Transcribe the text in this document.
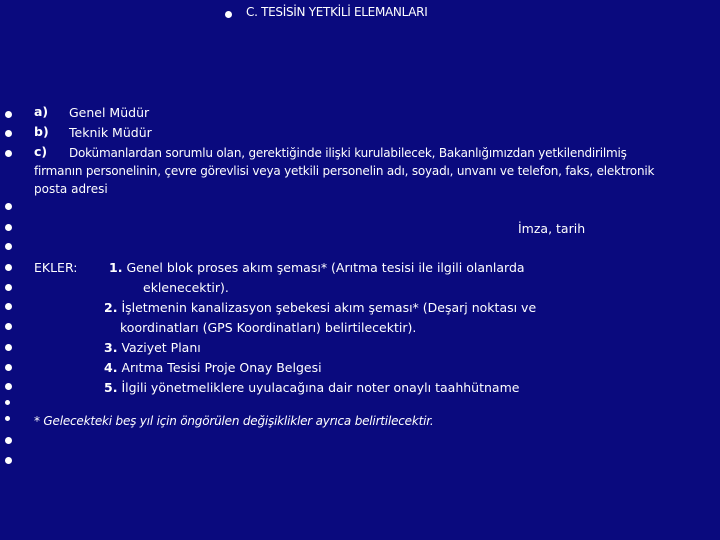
C. TESİSİN YETKİLİ ELEMANLARI
a) Genel Müdür
b) Teknik Müdür
c) Dokümanlardan sorumlu olan, gerektiğinde ilişki kurulabilecek, Bakanlığımızdan yetkilendirilmiş
firmanın personelinin, çevre görevlisi veya yetkili personelin adı, soyadı, unvanı ve telefon, faks, elektronik
posta adresi
İmza, tarih
EKLER:	1. Genel blok proses akım şeması* (Arıtma tesisi ile ilgili olanlarda
eklenecektir).
2. İşletmenin kanalizasyon şebekesi akım şeması* (Deşarj noktası ve
koordinatları (GPS Koordinatları) belirtilecektir).
3. Vaziyet Planı
4. Arıtma Tesisi Proje Onay Belgesi
5. İlgili yönetmeliklere uyulacağına dair noter onaylı taahhütname
* Gelecekteki beş yıl için öngörülen değişiklikler ayrıca belirtilecektir.
